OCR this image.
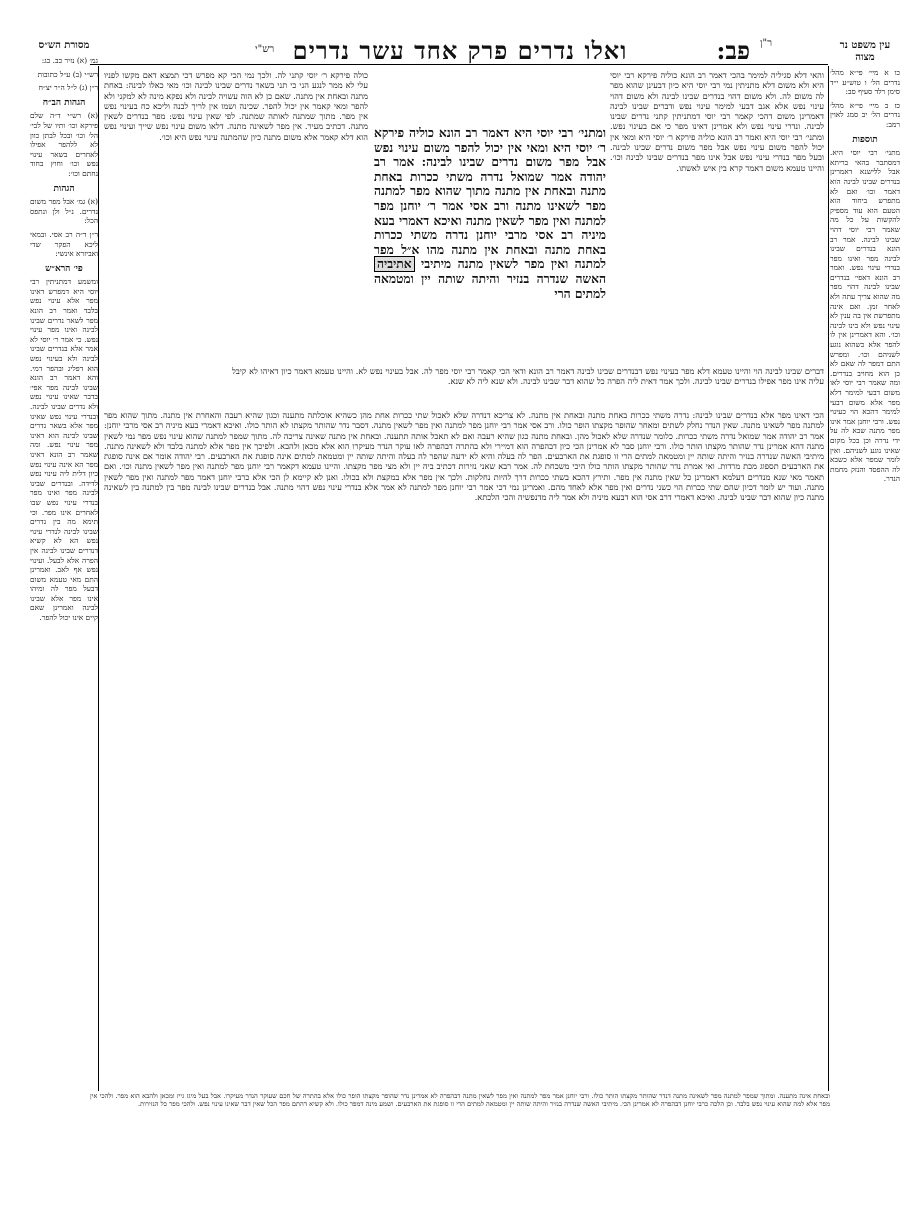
פב: ר"ן
ואלו נדרים פרק אחד עשר נדרים
רש"י	עין משפט נר מצוה

כו א מיי׳ פי״א מהל׳ נדרים הל׳ ו טוש״ע י״ד סימן רלד סעיף סב:

כז ב מיי׳ פי״א מהל׳ נדרים הל׳ יב סמג לאוין רמב:

תוספות

מתני׳ רבי יוסי היא. דמסתבר בהאי בריתא אבל ללישנא דאמרינן בנדרים שבינו לבינה הוא דאמר וכו׳ ואם לא מתפרש ביחוד הוא הטעם הוא עוד מספיק להקשות על כל מה שאמר רבי יוסי דהוי שבינו לבינה. אמר רב הונא בנדרים שבינו לבינה מפר ואינו מפר בנדרי עינוי נפש. ואמר רב הונא דאפי׳ בנדרים שבינו לבינה דהוי מפר מה שהוא צריך עתה ולא לאחר זמן. ואם אינה מתפרשת אין בה ענין לא עינוי נפש ולא בינו לבינה וכו׳. והא דאמרינן אין לו להפר אלא כשהוא נוגע לשניהם וכו׳. ומפרש התם דמפר לה שאם לא כן הוא מחויב בנדרים. ומה שאמר רבי יוסי לאו משום דבעי למימר דלא מפר אלא משום דבעי למימר דהכא הוי כעינוי נפש. ורבי יוחנן אמר אינו מפר מתנה שבא לה על ידי נדרה וכן בכל מקום שאינו נוגע לשניהם. ואין לומר שמפר אלא כשבא לה ההפסד והנזק מחמת הנדר.

מסורת הש״ס

גמ׳ (א) נזיר כב. כג:

רש״י (ב) ע״ל כתובות

ר״ן (ג) ל״ל ה״ר יצ״ח

הגהות הב״ח

(א) רש״י ד״ה שלם פירקא וכו׳ ותיו של לבי׳ הל׳ וכו׳ ובכל לבתן כוון לא ללהפר אפילו לאחרים בשאר עינוי נפש וכו׳ וחוץ בחוד נחתם וכו׳:

הגהות

(א) גמ׳ אבל מפר משום נדרים. נ״ל ולן ונתפס הכל:

ר״ן ד״ה רב אסי. ובמאי ליכא הפקר שדי ואביזרא אינשי:

פי׳ הרא״ש

ומשמע דמתניתין רבי יוסי היא דמפרש דאינו מפר אלא עינוי נפש בלבד ואמר רב הונא מפר לשאר נדרים שבינו לבינה ואינו מפר עינוי נפש. כי אמר ר׳ יוסי לא אמר אלא בנדרים שבינו לבינה ולא בעינוי נפש הוא דפליג ובהפר דמי. והא דאמר רב הונא שבינו לבינה מפר אפי׳ בדבר שאינו עינוי נפש ולא נדרים שבינו לבינה. ובנדרי עינוי נפש שאינו מפר אלא בשאר נדרים שבינו לבינה הוא דאינו מפר עינוי נפש. ומה שאמר רב הונא דאינו מפר הא אינה עינוי נפש כיון דלית ליה עינוי נפש לדידה. ובנדרים שבינו לבינה מפר ואינו מפר בנדרי עינוי נפש שבו לאחרים אינו מפר. וכי תימא מה בין נדרים שבינו לבינה לנדרי עינוי נפש הא לא קשיא דנדרים שבינו לבינה אין הפרה אלא לבעל. ועינוי נפש אף לאב. ואמרינן התם מאי טעמא משום דבעל מפר לה ומיהו אינו מפר אלא שבינו לבינה ואמרינן שאם קיים אינו יכול להפר.

והאי דלא סגיליה למימר בהכי דאמר רב הונא כוליה פירקא רבי יוסי היא ולא משום דלא מתניתין נמי רבי יוסי היא כיון דבעינן שהוא מפר לה משום לה. ולא משום דהוי בנדרים שבינו לבינה ולא משום דהוי עינוי נפש אלא אגב דבעי למימר עינוי נפש ודברים שבינו לבינה דאמרינן משום דהכי קאמר רבי יוסי דמתניתין קתני נדרים שבינו לבינה. ונדרי עינוי נפש ולא אמרינן דאינו מפר כי אם בעינוי נפש. ומתני׳ רבי יוסי היא ואמר רב הונא כוליה פירקא ר׳ יוסי היא ומאי אין יכול להפר משום עינוי נפש אבל מפר משום נדרים שבינו לבינה. ובעל מפר בנדרי עינוי נפש אבל אינו מפר בנדרים שבינו לבינה וכו׳. והיינו טעמא משום דאמר קרא בין איש לאשתו.
כולה פירקא ר׳ יוסי קתני לה. ולכך נמי הכי קא מפרש דכי תמצא דאם מקשו לפניו עלי לא ממר לנגע הני כי תני בשאר נדרים שבינו לבינה וכו׳ מאי כאלו לבינה: באחת מתנה ובאחת אין מתנה. שאם כן לא הוה עשויה לבינה ולא נפקא מינה לא למקני ולא להפר ומאי קאמר אין יכול להפר. שכינה ושמו אין לריך לבנה וליכא כח בעינוי נפש אין מפר. מתוך שמתנה לאותה שמתנה. לפי שאין עינוי נפש: מפר בנדרים לשאין מתנה. דכתיב מעיר. אין מפר לשאינה מתנה. דלאו משום עינוי נפש שייך ועינוי נפש הוא דלא קאמר אלא משום מתנה כיון שהמתנה עינוי נפש היא וכו׳. ומתני׳ רבי יוסי היא דאמר רב הונא כוליה פירקא ר׳ יוסי היא ומאי אין יכול להפר משום עינוי נפש אבל מפר משום נדרים שבינו לבינה: אמר רב יהודה אמר שמואל נדרה משתי ככרות באחת מתנה ובאחת אין מתנה מתוך שהוא מפר למתנה מפר לשאינו מתנה ורב אסי אמר ר׳ יוחנן מפר למתנה ואין מפר לשאין מתנה ואיכא דאמרי בעא מיניה רב אסי מרבי יוחנן נדרה משתי ככרות באחת מתנה ובאחת אין מתנה מהו א״ל מפר למתנה ואין מפר לשאין מתנה מיתיבי אתיביה האשה שנדרה בנזיר והיתה שותה יין ומטמאה למתים הרי
דברים שבינו לבינה הוי והיינו טעמא דלא מפר בעינוי נפש דבנדרים שבינו לבינה דאמר רב הונא ודאי הכי קאמר רבי יוסי מפר לה. אבל בעינוי נפש לא. והיינו טעמא דאמר כיון דאיהו לא קיבל עליה אינו מפר אפילו בנדרים שבינו לבינה. ולכך אמר דאית ליה הפרה כל שהוא דבר שבינו לבינה. ולא שנא ליה לא שנא.
הכי דאינו מפר אלא בנדרים שבינו לבינה: נדרה משתי ככרות באחת מתנה ובאחת אין מתנה. לא צריכא דנדרה שלא לאכול שתי ככרות אחת מהן כשהיא אוכלתה מתענה וכגון שהיא רעבה והאחרת אין מתנה. מתוך שהוא מפר למתנה מפר לשאינו מתנה. שאין הנדר נחלק לשתים ומאחר שהופר מקצתו הופר כולו. ורב אסי אמר רבי יוחנן מפר למתנה ואין מפר לשאין מתנה. דסבר נדר שהותר מקצתו לא הותר כולו. ואיכא דאמרי בעא מיניה רב אסי מרבי יוחנן: אמר רב יהודה אמר שמואל נדרה משתי ככרות. כלומר שנדרה שלא לאכול מהן. ובאחת מתנה כגון שהיא רעבה ואם לא תאכל אותה תתענה. ובאחת אין מתנה שאינה צריכה לה. מתוך שמפר למתנה שהוא עינוי נפש מפר נמי לשאין מתנה דהא אמרינן נדר שהותר מקצתו הותר כולו. ורבי יוחנן סבר לא אמרינן הכי כיון דבהפרה הוא דמיירי ולא בהתרה דבהפרה לאו עוקר הנדר מעיקרו הוא אלא מכאן ולהבא. ולפיכך אין מפר אלא למתנה בלבד ולא לשאינה מתנה. מיתיבי האשה שנדרה בנזיר והיתה שותה יין ומטמאה למתים הרי זו סופגת את הארבעים. הפר לה בעלה והיא לא ידעה שהפר לה בעלה והיתה שותה יין ומטמאה למתים אינה סופגת את הארבעים. רבי יהודה אומר אם אינה סופגת את הארבעים תספוג מכת מרדות. ואי אמרת נדר שהותר מקצתו הותר כולו היכי משכחת לה. אמר רבא שאני נזירות דכתיב ביה יין ולא מצי מפר מקצתו. והיינו טעמא דקאמר רבי יוחנן מפר למתנה ואין מפר לשאין מתנה וכו׳. ואם תאמר מאי שנא מנדרים דעלמא דאמרינן כל שאין מתנה אין מפר. ותירץ דהכא בשתי ככרות דרך להיות נחלקות. ולכך אין מפר אלא במקצת ולא בכולו. ואנן לא קיימא לן הכי אלא כרבי יוחנן דאמר מפר למתנה ואין מפר לשאין מתנה. ועוד יש לומר דכיון שהם שתי ככרות הוי כשני נדרים ואין מפר אלא לאחד מהם. ואמרינן נמי דכי אמר רבי יוחנן מפר למתנה לא אמר אלא בנדרי עינוי נפש דהוי מתנה. אבל בנדרים שבינו לבינה מפר בין למתנה בין לשאינה מתנה כיון שהוא דבר שבינו לבינה. ואיכא דאמרי דרב אסי הוא דבעא מיניה ולא אמר ליה מדנפשיה והכי הלכתא.
ובאחת אינה מתענה. ומתוך שמפר למתנה מפר לשאינה מתנה דנדר שהותר מקצתו הותר כולו. ורבי יוחנן אמר מפר למתנה ואין מפר לשאין מתנה דבהפרה לא אמרינן נדר שהופר מקצתו הופר כולו אלא בהתרה של חכם שעוקר הנדר מעיקרו. אבל בעל מיגז גייז ומכאן ולהבא הוא מפר. ולהכי אין מפר אלא למה שהוא עינוי נפש בלבד. וכן הלכה כרבי יוחנן דבהפרה לא אמרינן הכי. מיתיבי האשה שנדרה בנזיר והיתה שותה יין ומטמאה למתים הרי זו סופגת את הארבעים. ושמע מינה דמפר כולו. ולא קשיא דהתם מפר הכל שאין דבר שאינו עינוי נפש. ולהכי מפר כל הנזירות.
